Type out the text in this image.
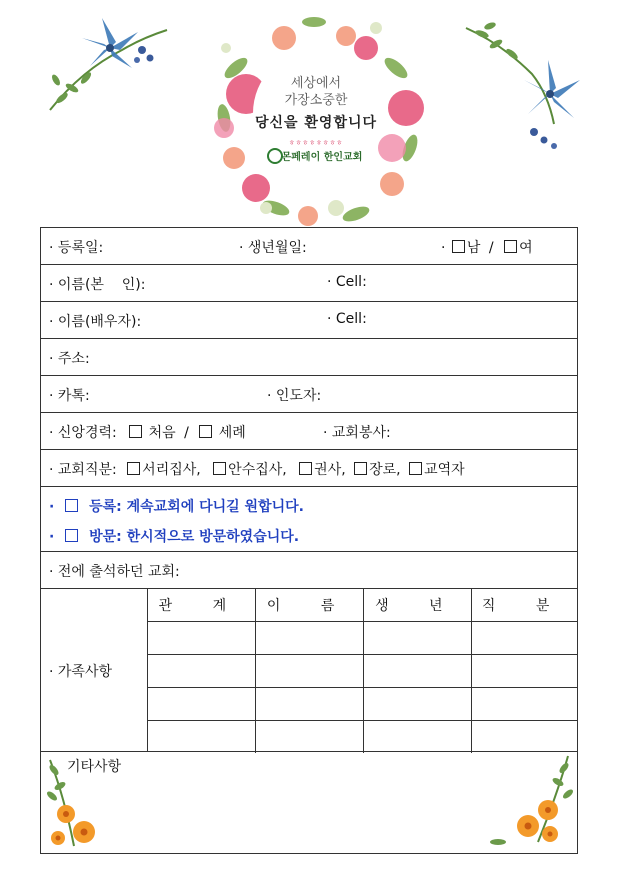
세상에서
가장소중한
당신을 환영합니다
ㅎㅎㅎㅎㅎㅎㅎㅎ
몬페레이 한인교회
· 등록일:	· 생년월일:	· 남 / 여
· 이름(본    인):	· Cell:
· 이름(배우자):	· Cell:
· 주소:
· 카톡:	· 인도자:
· 신앙경력: 처음 / 세례	· 교회봉사:
· 교회직분: 서리집사, 안수집사, 권사, 장로, 교역자
·  등록: 계속교회에 다니길 원합니다.
·  방문: 한시적으로 방문하였습니다.
· 전에 출석하던 교회:
· 가족사항
관 계	이 름	생 년	직 분

기타사항
